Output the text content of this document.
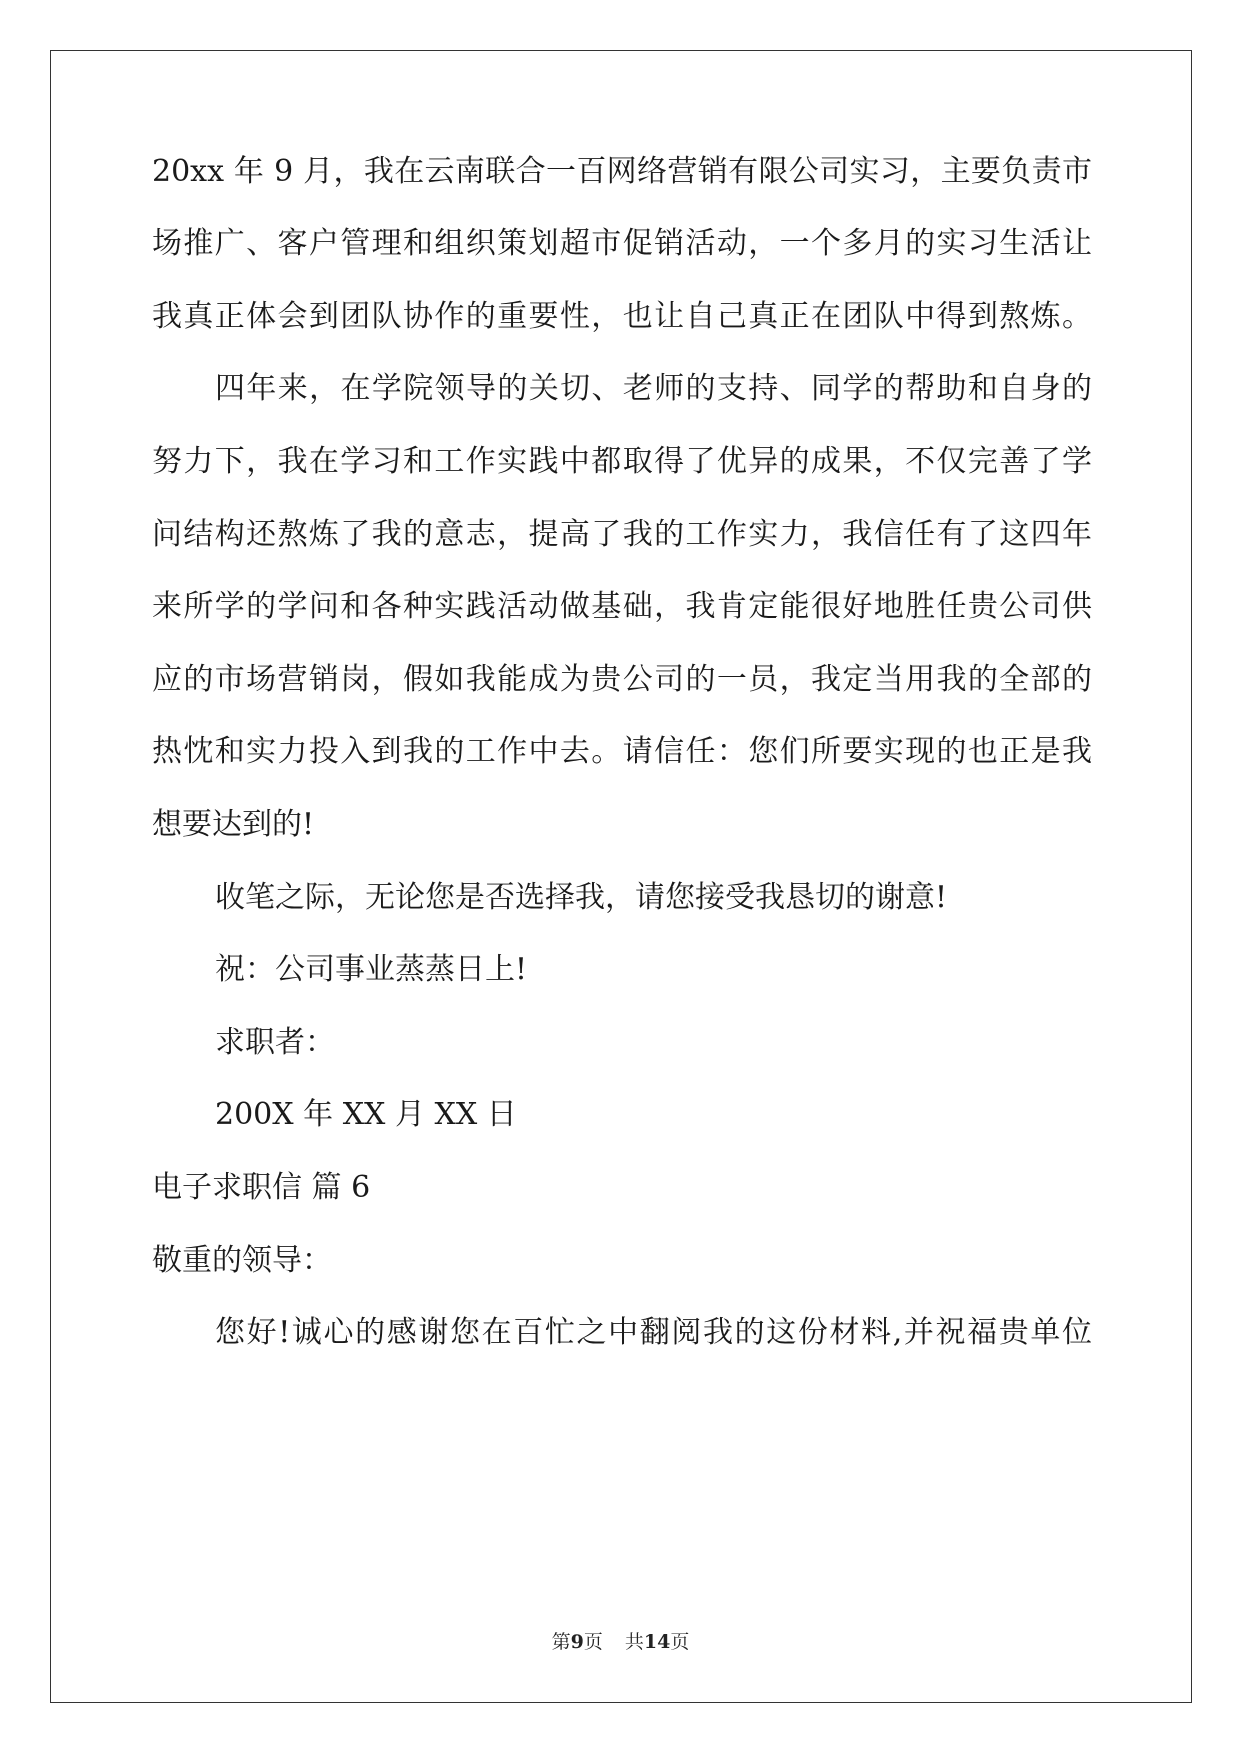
20xx 年 9 月，我在云南联合一百网络营销有限公司实习，主要负责市
场推广、客户管理和组织策划超市促销活动，一个多月的实习生活让
我真正体会到团队协作的重要性，也让自己真正在团队中得到熬炼。
四年来，在学院领导的关切、老师的支持、同学的帮助和自身的
努力下，我在学习和工作实践中都取得了优异的成果，不仅完善了学
问结构还熬炼了我的意志，提高了我的工作实力，我信任有了这四年
来所学的学问和各种实践活动做基础，我肯定能很好地胜任贵公司供
应的市场营销岗，假如我能成为贵公司的一员，我定当用我的全部的
热忱和实力投入到我的工作中去。请信任：您们所要实现的也正是我
想要达到的!
收笔之际，无论您是否选择我，请您接受我恳切的谢意!
祝：公司事业蒸蒸日上!
求职者：
200X 年 XX 月 XX 日
电子求职信 篇 6
敬重的领导：
您好!诚心的感谢您在百忙之中翻阅我的这份材料,并祝福贵单位
第9页 共14页
